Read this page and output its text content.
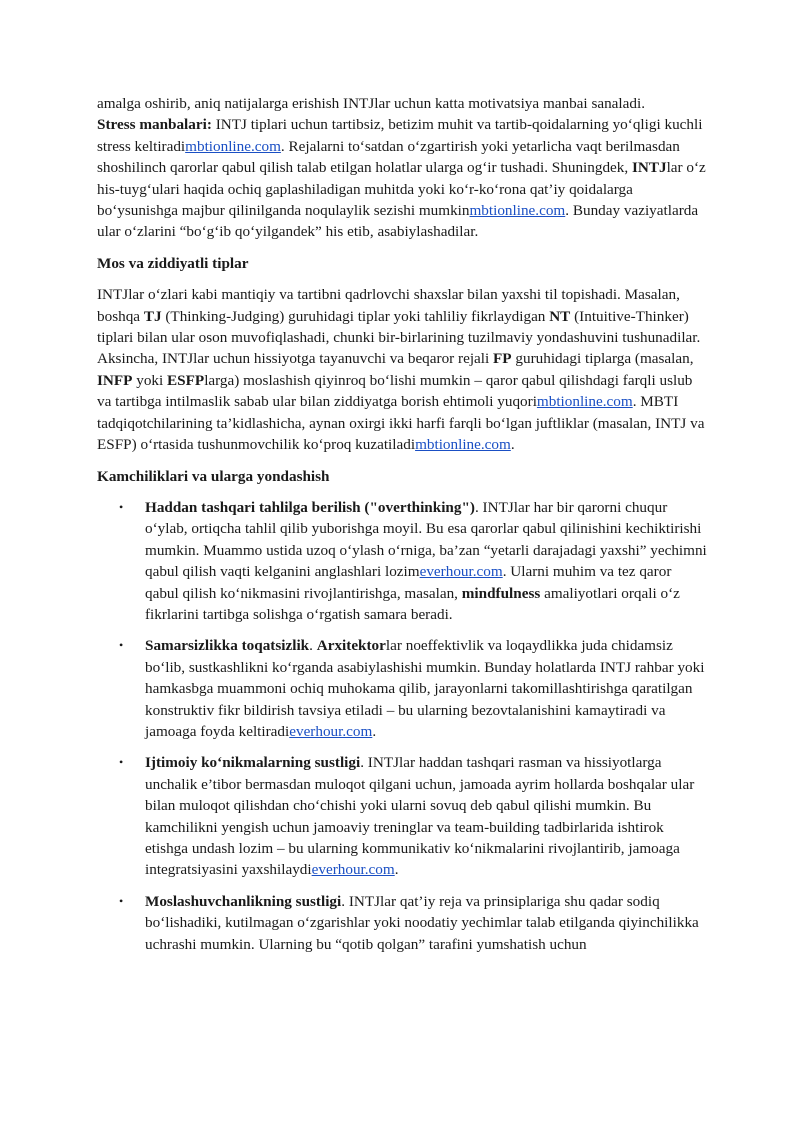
amalga oshirib, aniq natijalarga erishish INTJlar uchun katta motivatsiya manbai sanaladi.
Stress manbalari: INTJ tiplari uchun tartibsiz, betizim muhit va tartib-qoidalarning yo‘qligi kuchli stress keltiradimbtionline.com. Rejalarni to‘satdan o‘zgartirish yoki yetarlicha vaqt berilmasdan shoshilinch qarorlar qabul qilish talab etilgan holatlar ularga og‘ir tushadi. Shuningdek, INTJlar o‘z his-tuyg‘ulari haqida ochiq gaplashiladigan muhitda yoki ko‘r-ko‘rona qat’iy qoidalarga bo‘ysunishga majbur qilinilganda noqulaylik sezishi mumkinmbtionline.com. Bunday vaziyatlarda ular o‘zlarini “bo‘g‘ib qo‘yilgandek” his etib, asabiylashadilar.

Mos va ziddiyatli tiplar

INTJlar o‘zlari kabi mantiqiy va tartibni qadrlovchi shaxslar bilan yaxshi til topishadi. Masalan, boshqa TJ (Thinking-Judging) guruhidagi tiplar yoki tahliliy fikrlaydigan NT (Intuitive-Thinker) tiplari bilan ular oson muvofiqlashadi, chunki bir-birlarining tuzilmaviy yondashuvini tushunadilar. Aksincha, INTJlar uchun hissiyotga tayanuvchi va beqaror rejali FP guruhidagi tiplarga (masalan, INFP yoki ESFPlarga) moslashish qiyinroq bo‘lishi mumkin – qaror qabul qilishdagi farqli uslub va tartibga intilmaslik sabab ular bilan ziddiyatga borish ehtimoli yuqorimbtionline.com. MBTI tadqiqotchilarining ta’kidlashicha, aynan oxirgi ikki harfi farqli bo‘lgan juftliklar (masalan, INTJ va ESFP) o‘rtasida tushunmovchilik ko‘proq kuzatiladimbtionline.com.

Kamchiliklari va ularga yondashish
• Haddan tashqari tahlilga berilish ("overthinking"). INTJlar har bir qarorni chuqur o‘ylab, ortiqcha tahlil qilib yuborishga moyil. Bu esa qarorlar qabul qilinishini kechiktirishi mumkin. Muammo ustida uzoq o‘ylash o‘rniga, ba’zan “yetarli darajadagi yaxshi” yechimni qabul qilish vaqti kelganini anglashlari lozimeverhour.com. Ularni muhim va tez qaror qabul qilish ko‘nikmasini rivojlantirishga, masalan, mindfulness amaliyotlari orqali o‘z fikrlarini tartibga solishga o‘rgatish samara beradi.
• Samarsizlikka toqatsizlik. Arxitektorlar noeffektivlik va loqaydlikka juda chidamsiz bo‘lib, sustkashlikni ko‘rganda asabiylashishi mumkin. Bunday holatlarda INTJ rahbar yoki hamkasbga muammoni ochiq muhokama qilib, jarayonlarni takomillashtirishga qaratilgan konstruktiv fikr bildirish tavsiya etiladi – bu ularning bezovtalanishini kamaytiradi va jamoaga foyda keltiradieverhour.com.
• Ijtimoiy ko‘nikmalarning sustligi. INTJlar haddan tashqari rasman va hissiyotlarga unchalik e’tibor bermasdan muloqot qilgani uchun, jamoada ayrim hollarda boshqalar ular bilan muloqot qilishdan cho‘chishi yoki ularni sovuq deb qabul qilishi mumkin. Bu kamchilikni yengish uchun jamoaviy treninglar va team-building tadbirlarida ishtirok etishga undash lozim – bu ularning kommunikativ ko‘nikmalarini rivojlantirib, jamoaga integratsiyasini yaxshilaydieverhour.com.
• Moslashuvchanlikning sustligi. INTJlar qat’iy reja va prinsiplariga shu qadar sodiq bo‘lishadiki, kutilmagan o‘zgarishlar yoki noodatiy yechimlar talab etilganda qiyinchilikka uchrashi mumkin. Ularning bu “qotib qolgan” tarafini yumshatish uchun
